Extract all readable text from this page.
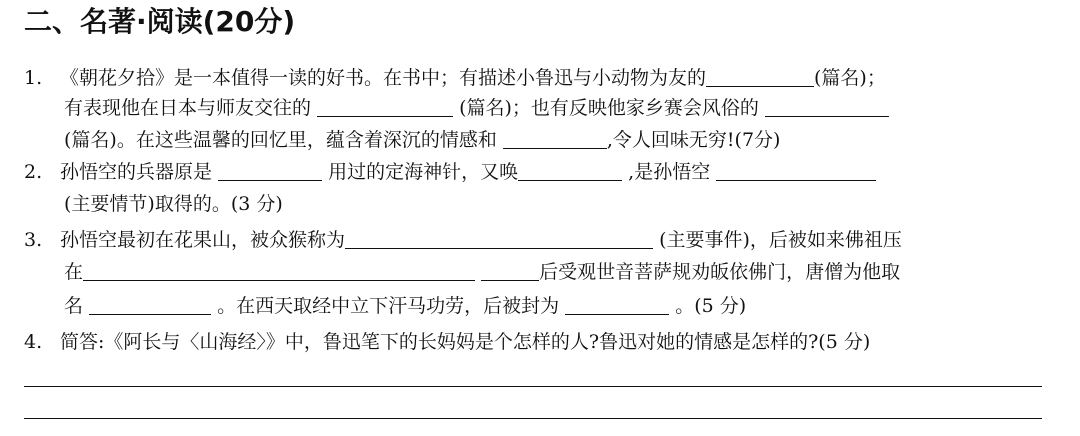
二、名著·阅读(20分)
1. 《朝花夕拾》是一本值得一读的好书。在书中；有描述小鲁迅与小动物为友的	(篇名)；
有表现他在日本与师友交往的	(篇名)；也有反映他家乡赛会风俗的
(篇名)。在这些温馨的回忆里，蕴含着深沉的情感和	,令人回味无穷!(7分)
2. 孙悟空的兵器原是	用过的定海神针，又唤	,是孙悟空
(主要情节)取得的。(3 分)
3. 孙悟空最初在花果山，被众猴称为	(主要事件)，后被如来佛祖压
在	后受观世音菩萨规劝皈依佛门，唐僧为他取
名	。在西天取经中立下汗马功劳，后被封为	。(5 分)
4. 简答:《阿长与〈山海经〉》中，鲁迅笔下的长妈妈是个怎样的人?鲁迅对她的情感是怎样的?(5 分)
